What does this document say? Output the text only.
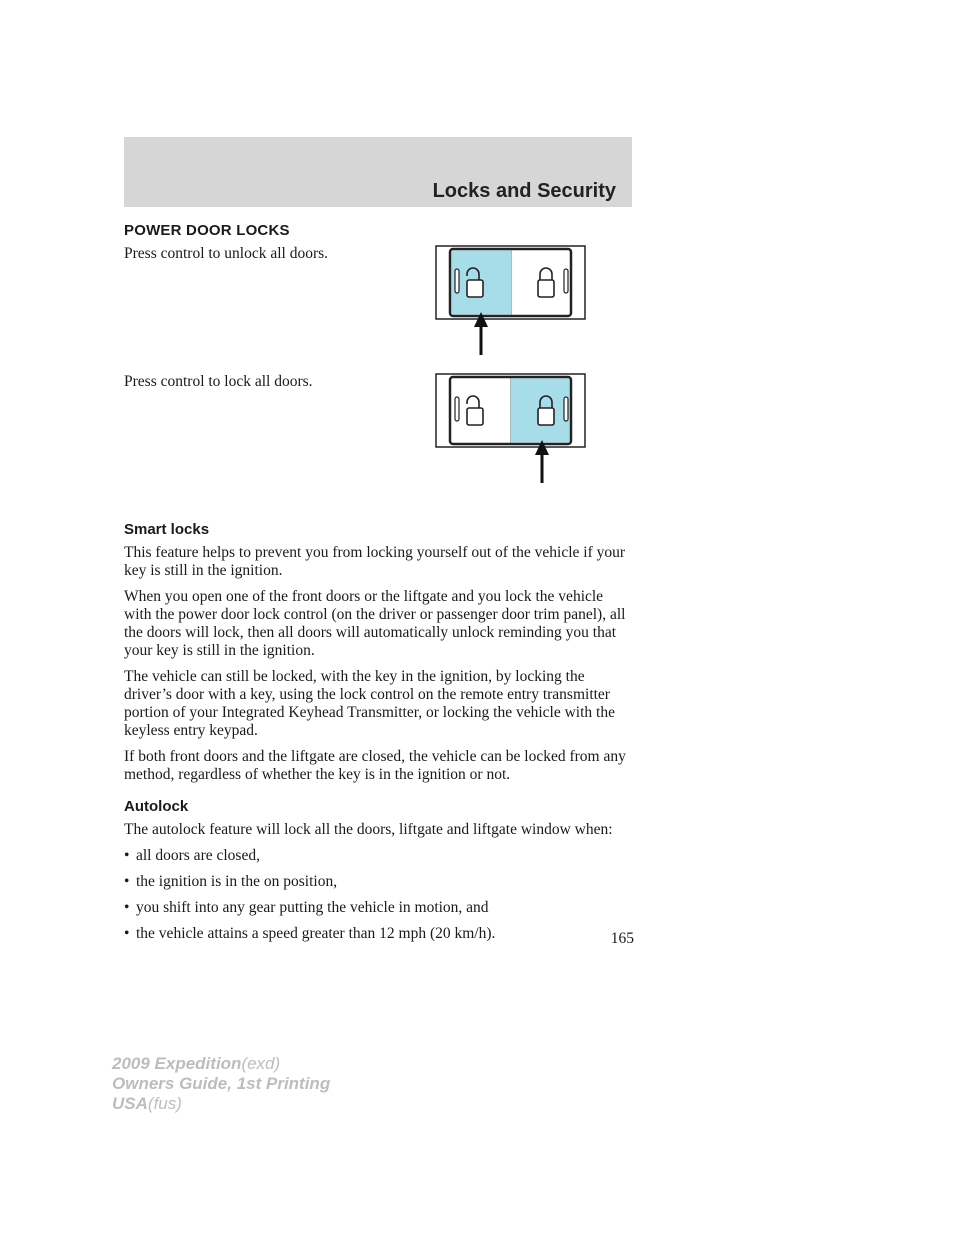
Locks and Security
POWER DOOR LOCKS

Press control to unlock all doors.

Press control to lock all doors.

Smart locks

This feature helps to prevent you from locking yourself out of the vehicle if your key is still in the ignition.

When you open one of the front doors or the liftgate and you lock the vehicle with the power door lock control (on the driver or passenger door trim panel), all the doors will lock, then all doors will automatically unlock reminding you that your key is still in the ignition.

The vehicle can still be locked, with the key in the ignition, by locking the driver’s door with a key, using the lock control on the remote entry transmitter portion of your Integrated Keyhead Transmitter, or locking the vehicle with the keyless entry keypad.

If both front doors and the liftgate are closed, the vehicle can be locked from any method, regardless of whether the key is in the ignition or not.

Autolock

The autolock feature will lock all the doors, liftgate and liftgate window when:

• all doors are closed,
• the ignition is in the on position,
• you shift into any gear putting the vehicle in motion, and
• the vehicle attains a speed greater than 12 mph (20 km/h).	165
2009 Expedition(exd)
Owners Guide, 1st Printing
USA(fus)
